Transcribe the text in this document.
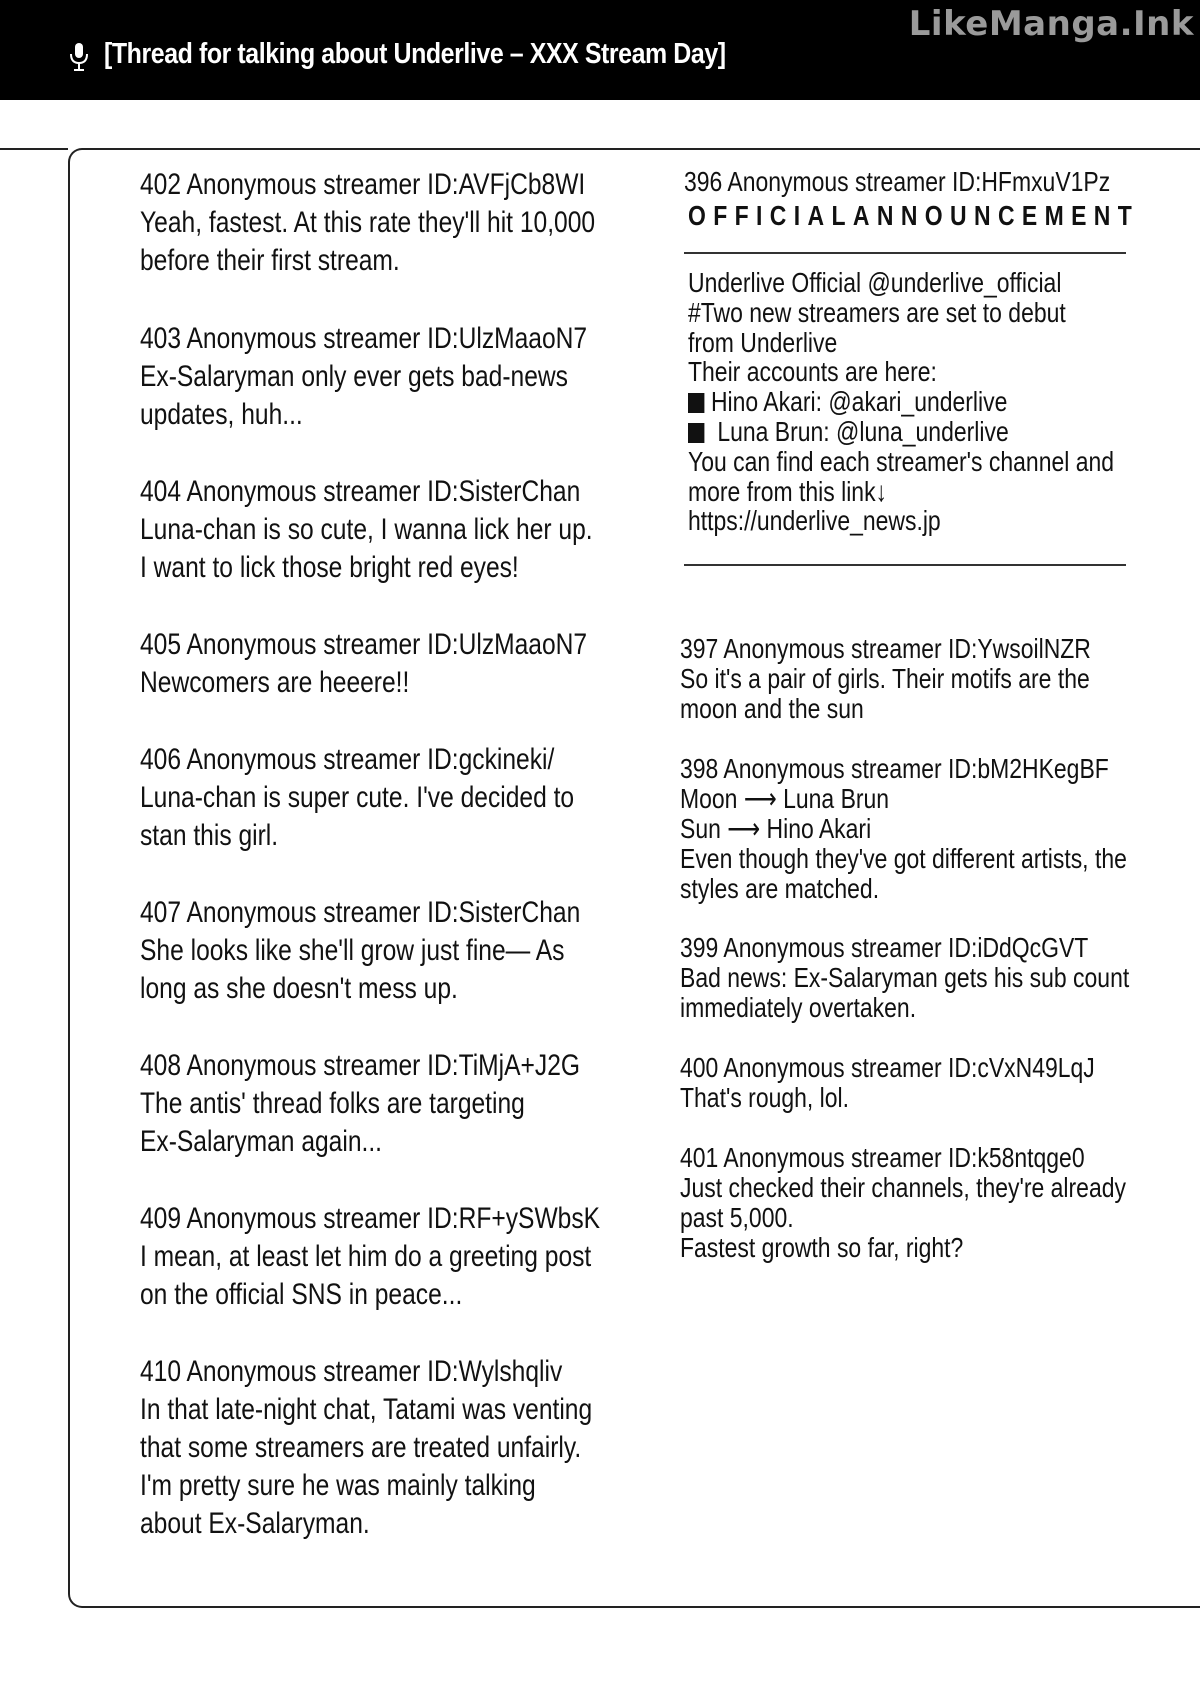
[Thread for talking about Underlive – XXX Stream Day]
LikeManga.Ink
402 Anonymous streamer ID:AVFjCb8WI
Yeah, fastest. At this rate they'll hit 10,000
before their first stream.
403 Anonymous streamer ID:UlzMaaoN7
Ex-Salaryman only ever gets bad-news
updates, huh...
404 Anonymous streamer ID:SisterChan
Luna-chan is so cute, I wanna lick her up.
I want to lick those bright red eyes!
405 Anonymous streamer ID:UlzMaaoN7
Newcomers are heeere!!
406 Anonymous streamer ID:gckineki/
Luna-chan is super cute. I've decided to
stan this girl.
407 Anonymous streamer ID:SisterChan
She looks like she'll grow just fine— As
long as she doesn't mess up.
408 Anonymous streamer ID:TiMjA+J2G
The antis' thread folks are targeting
Ex-Salaryman again...
409 Anonymous streamer ID:RF+ySWbsK
I mean, at least let him do a greeting post
on the official SNS in peace...
410 Anonymous streamer ID:Wylshqliv
In that late-night chat, Tatami was venting
that some streamers are treated unfairly.
I'm pretty sure he was mainly talking
about Ex-Salaryman.
396 Anonymous streamer ID:HFmxuV1Pz
OFFICIALANNOUNCEMENT
Underlive Official @underlive_official
#Two new streamers are set to debut
from Underlive
Their accounts are here:
Hino Akari: @akari_underlive
Luna Brun: @luna_underlive
You can find each streamer's channel and
more from this link↓
https://underlive_news.jp
397 Anonymous streamer ID:YwsoilNZR
So it's a pair of girls. Their motifs are the
moon and the sun
398 Anonymous streamer ID:bM2HKegBF
Moon ⟶ Luna Brun
Sun ⟶ Hino Akari
Even though they've got different artists, the
styles are matched.
399 Anonymous streamer ID:iDdQcGVT
Bad news: Ex-Salaryman gets his sub count
immediately overtaken.
400 Anonymous streamer ID:cVxN49LqJ
That's rough, lol.
401 Anonymous streamer ID:k58ntqge0
Just checked their channels, they're already
past 5,000.
Fastest growth so far, right?
